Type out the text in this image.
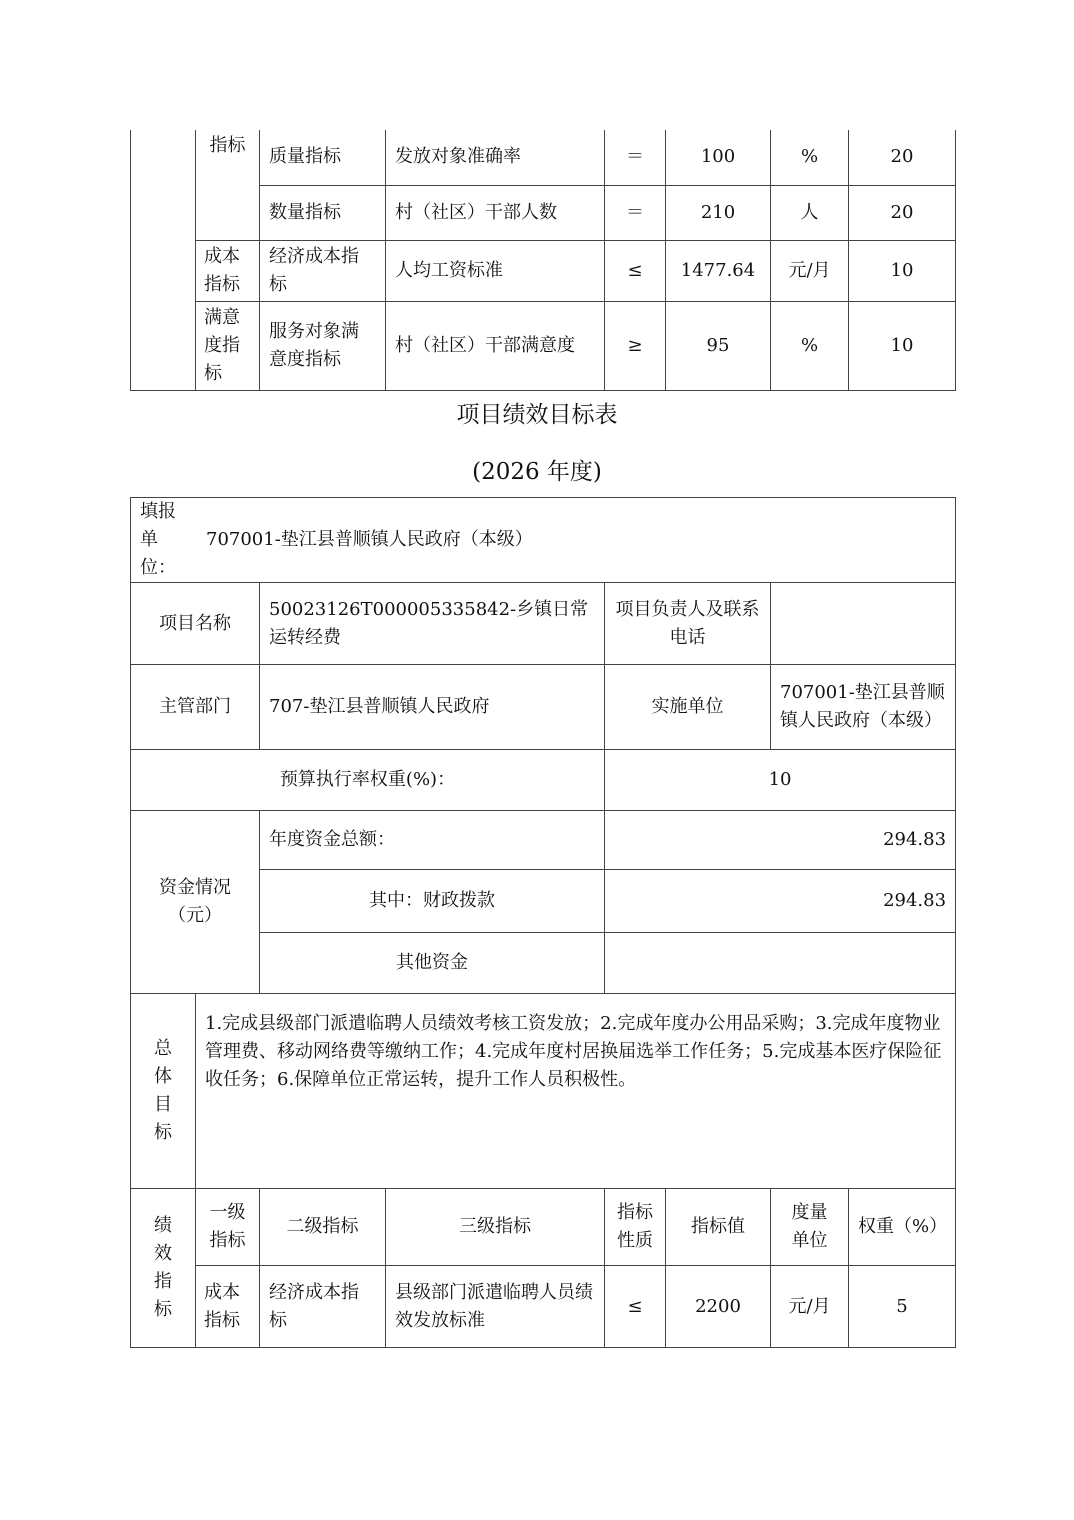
	指标	质量指标	发放对象准确率	＝	100	%	20
		数量指标	村（社区）干部人数	＝	210	人	20
	成本指标	经济成本指标	人均工资标准	≤	1477.64	元/月	10
	满意度指标	服务对象满意度指标	村（社区）干部满意度	≥	95	%	10
项目绩效目标表
(2026 年度)
填报单位：
707001-垫江县普顺镇人民政府（本级）							

项目名称		50023126T000005335842-乡镇日常运转经费		项目负责人及联系电话			
主管部门		707-垫江县普顺镇人民政府		实施单位		707001-垫江县普顺镇人民政府（本级）	
预算执行率权重(%)：				10			
资金情况（元）		年度资金总额：		294.83			
		其中：财政拨款		294.83			
		其他资金					
总体目标	1.完成县级部门派遣临聘人员绩效考核工资发放；2.完成年度办公用品采购；3.完成年度物业管理费、移动网络费等缴纳工作；4.完成年度村居换届选举工作任务；5.完成基本医疗保险征收任务；6.保障单位正常运转，提升工作人员积极性。						
绩效指标	一级指标	二级指标	三级指标	指标性质	指标值	度量单位	权重（%）
	成本指标	经济成本指标	县级部门派遣临聘人员绩效发放标准	≤	2200	元/月	5
